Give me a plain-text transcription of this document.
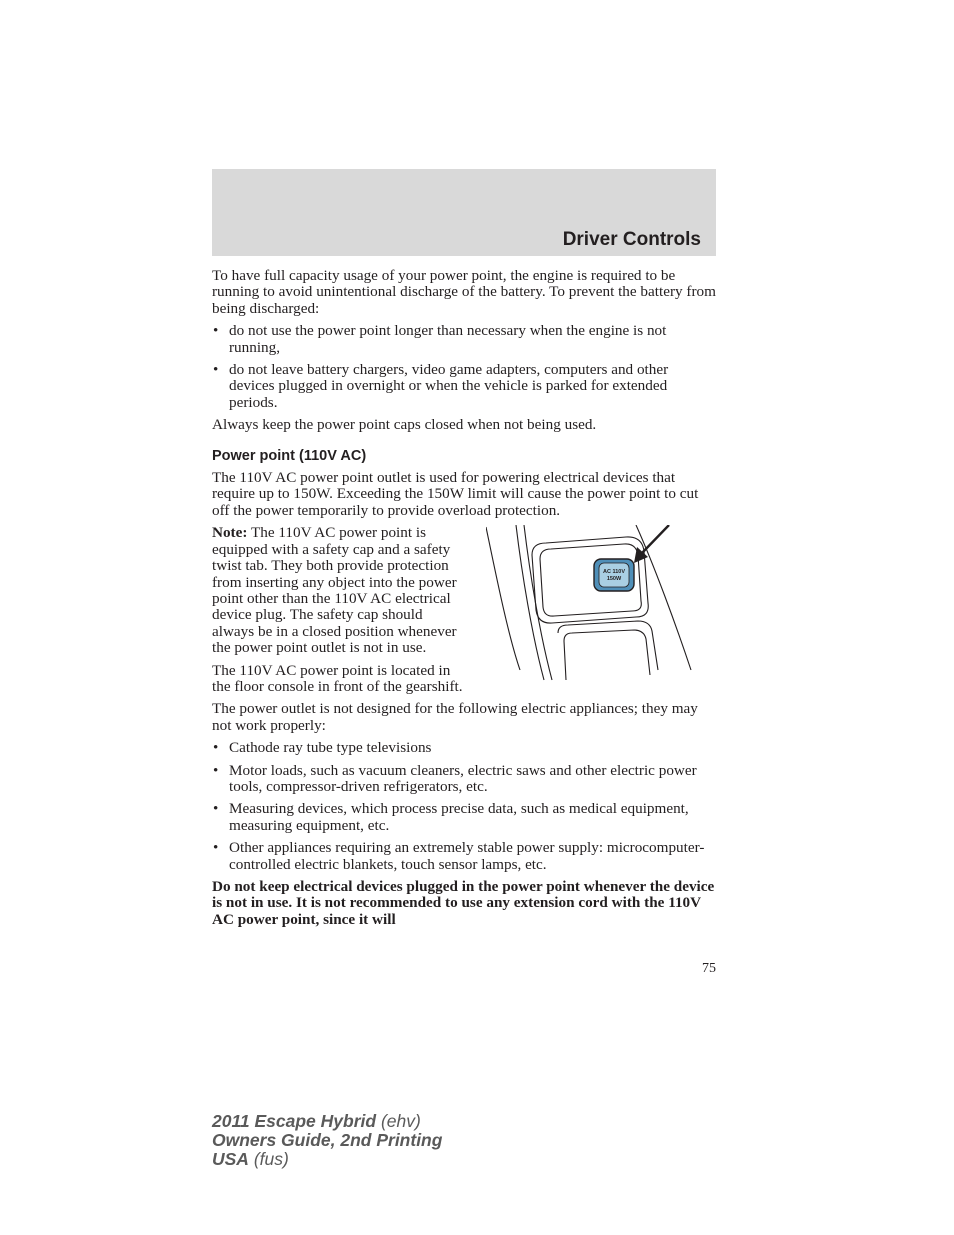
Driver Controls

To have full capacity usage of your power point, the engine is required to be running to avoid unintentional discharge of the battery. To prevent the battery from being discharged:

• do not use the power point longer than necessary when the engine is not running,
• do not leave battery chargers, video game adapters, computers and other devices plugged in overnight or when the vehicle is parked for extended periods.

Always keep the power point caps closed when not being used.

Power point (110V AC)

The 110V AC power point outlet is used for powering electrical devices that require up to 150W. Exceeding the 150W limit will cause the power point to cut off the power temporarily to provide overload protection.

Note: The 110V AC power point is equipped with a safety cap and a safety twist tab. They both provide protection from inserting any object into the power point other than the 110V AC electrical device plug. The safety cap should always be in a closed position whenever the power point outlet is not in use.

The 110V AC power point is located in the floor console in front of the gearshift.

AC 110V
150W

The power outlet is not designed for the following electric appliances; they may not work properly:

• Cathode ray tube type televisions
• Motor loads, such as vacuum cleaners, electric saws and other electric power tools, compressor-driven refrigerators, etc.
• Measuring devices, which process precise data, such as medical equipment, measuring equipment, etc.
• Other appliances requiring an extremely stable power supply: microcomputer-controlled electric blankets, touch sensor lamps, etc.

Do not keep electrical devices plugged in the power point whenever the device is not in use. It is not recommended to use any extension cord with the 110V AC power point, since it will

75
2011 Escape Hybrid (ehv)
Owners Guide, 2nd Printing
USA (fus)
